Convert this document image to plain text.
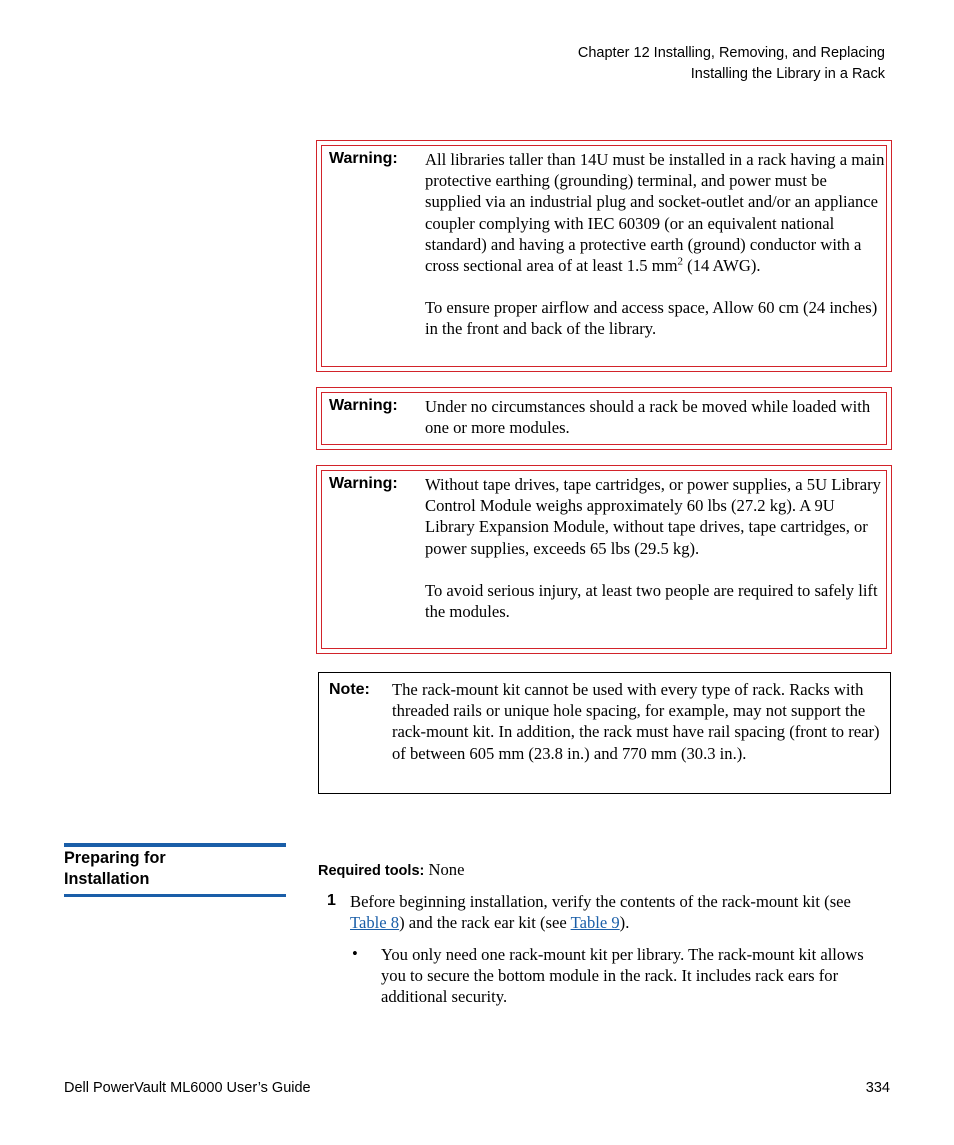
Chapter 12 Installing, Removing, and Replacing
Installing the Library in a Rack
Warning: All libraries taller than 14U must be installed in a rack having a main protective earthing (grounding) terminal, and power must be supplied via an industrial plug and socket-outlet and/or an appliance coupler complying with IEC 60309 (or an equivalent national standard) and having a protective earth (ground) conductor with a cross sectional area of at least 1.5 $mm^2$ (14 AWG).

To ensure proper airflow and access space, Allow 60 cm (24 inches) in the front and back of the library.

Warning: Under no circumstances should a rack be moved while loaded with one or more modules.

Warning: Without tape drives, tape cartridges, or power supplies, a 5U Library Control Module weighs approximately 60 lbs (27.2 kg). A 9U Library Expansion Module, without tape drives, tape cartridges, or power supplies, exceeds 65 lbs (29.5 kg).

To avoid serious injury, at least two people are required to safely lift the modules.

Note: The rack-mount kit cannot be used with every type of rack. Racks with threaded rails or unique hole spacing, for example, may not support the rack-mount kit. In addition, the rack must have rail spacing (front to rear) of between 605 mm (23.8 in.) and 770 mm (30.3 in.).
Preparing for
Installation	Required tools: None
1 Before beginning installation, verify the contents of the rack-mount kit (see Table 8) and the rack ear kit (see Table 9).
• You only need one rack-mount kit per library. The rack-mount kit allows you to secure the bottom module in the rack. It includes rack ears for additional security.
Dell PowerVault ML6000 User’s Guide	334
